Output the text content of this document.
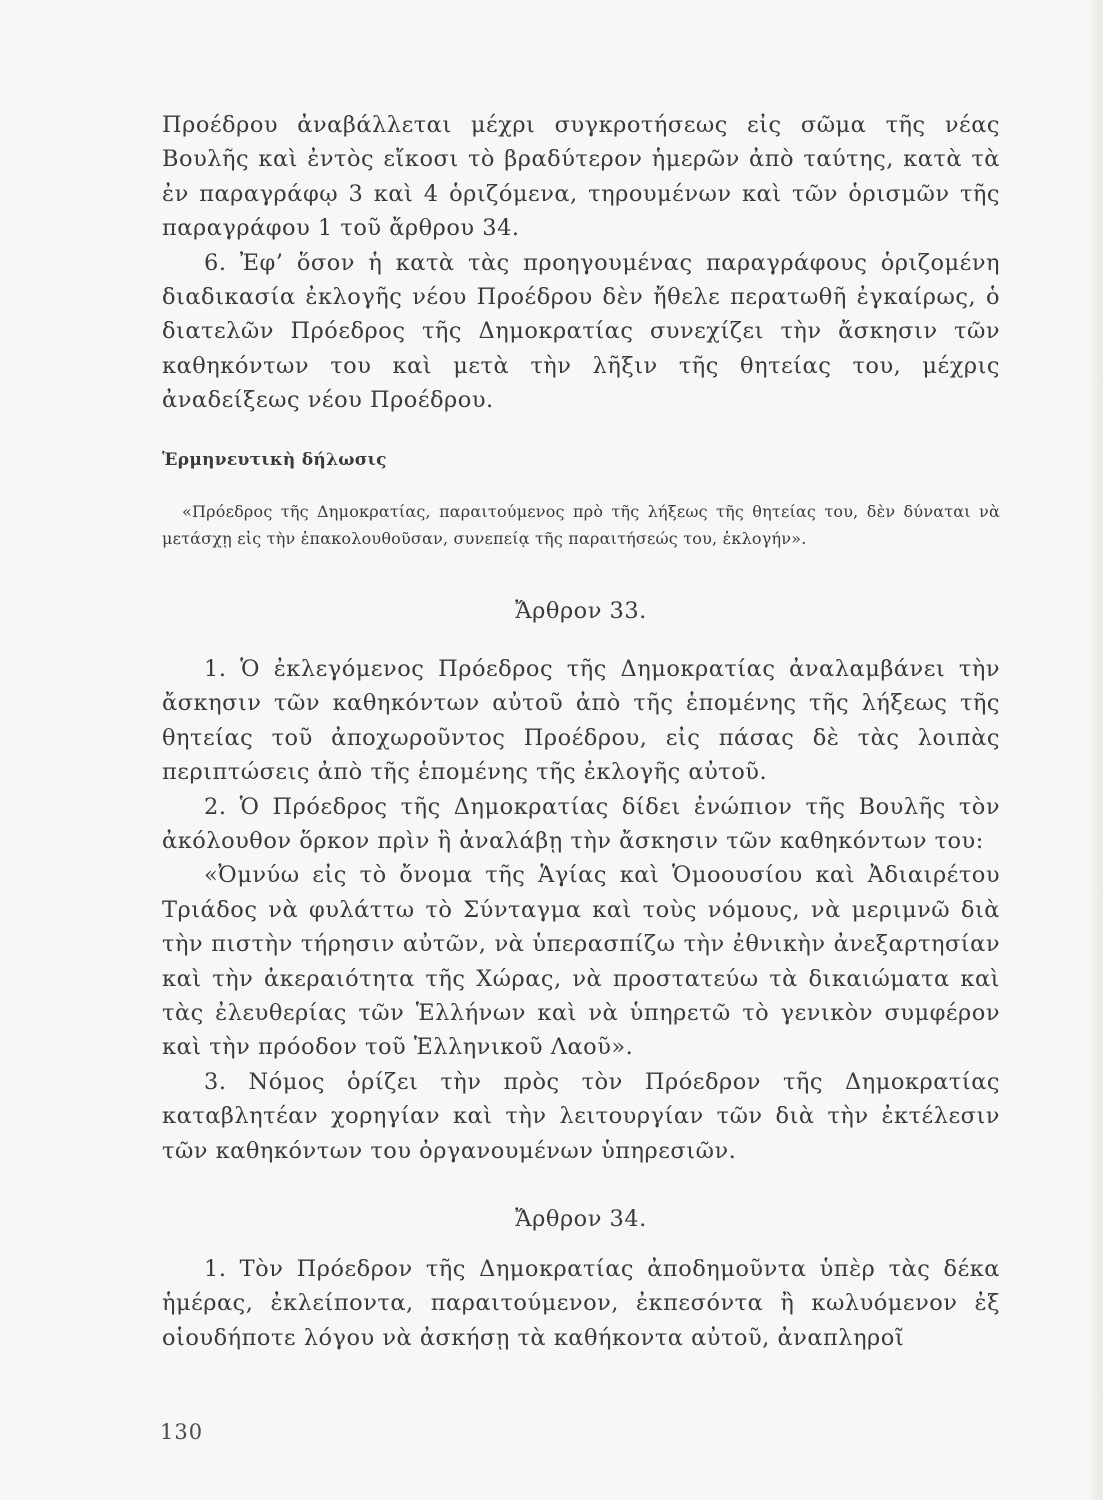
Προέδρου ἀναβάλλεται μέχρι συγκροτήσεως εἰς σῶμα τῆς νέας Βουλῆς καὶ ἐντὸς εἴκοσι τὸ βραδύτερον ἡμερῶν ἀπὸ ταύτης, κατὰ τὰ ἐν παραγράφῳ 3 καὶ 4 ὁριζόμενα, τηρουμένων καὶ τῶν ὁρισμῶν τῆς παραγράφου 1 τοῦ ἄρθρου 34.

6. Ἐφ’ ὅσον ἡ κατὰ τὰς προηγουμένας παραγράφους ὁριζομένη διαδικασία ἐκλογῆς νέου Προέδρου δὲν ἤθελε περατωθῆ ἐγκαίρως, ὁ διατελῶν Πρόεδρος τῆς Δημοκρατίας συνεχίζει τὴν ἄσκησιν τῶν καθηκόντων του καὶ μετὰ τὴν λῆξιν τῆς θητείας του, μέχρις ἀναδείξεως νέου Προέδρου.

Ἑρμηνευτικὴ δήλωσις

«Πρόεδρος τῆς Δημοκρατίας, παραιτούμενος πρὸ τῆς λήξεως τῆς θητείας του, δὲν δύναται νὰ μετάσχῃ εἰς τὴν ἐπακολουθοῦσαν, συνεπείᾳ τῆς παραιτήσεώς του, ἐκλογήν».

Ἄρθρον 33.

1. Ὁ ἐκλεγόμενος Πρόεδρος τῆς Δημοκρατίας ἀναλαμβάνει τὴν ἄσκησιν τῶν καθηκόντων αὐτοῦ ἀπὸ τῆς ἑπομένης τῆς λήξεως τῆς θητείας τοῦ ἀποχωροῦντος Προέδρου, εἰς πάσας δὲ τὰς λοιπὰς περιπτώσεις ἀπὸ τῆς ἑπομένης τῆς ἐκλογῆς αὐτοῦ.

2. Ὁ Πρόεδρος τῆς Δημοκρατίας δίδει ἐνώπιον τῆς Βουλῆς τὸν ἀκόλουθον ὅρκον πρὶν ἢ ἀναλάβῃ τὴν ἄσκησιν τῶν καθηκόντων του:

«Ὀμνύω εἰς τὸ ὄνομα τῆς Ἁγίας καὶ Ὁμοουσίου καὶ Ἀδιαιρέτου Τριάδος νὰ φυλάττω τὸ Σύνταγμα καὶ τοὺς νόμους, νὰ μεριμνῶ διὰ τὴν πιστὴν τήρησιν αὐτῶν, νὰ ὑπερασπίζω τὴν ἐθνικὴν ἀνεξαρτησίαν καὶ τὴν ἀκεραιότητα τῆς Χώρας, νὰ προστατεύω τὰ δικαιώματα καὶ τὰς ἐλευθερίας τῶν Ἑλλήνων καὶ νὰ ὑπηρετῶ τὸ γενικὸν συμφέρον καὶ τὴν πρόοδον τοῦ Ἑλληνικοῦ Λαοῦ».

3. Νόμος ὁρίζει τὴν πρὸς τὸν Πρόεδρον τῆς Δημοκρατίας καταβλητέαν χορηγίαν καὶ τὴν λειτουργίαν τῶν διὰ τὴν ἐκτέλεσιν τῶν καθηκόντων του ὀργανουμένων ὑπηρεσιῶν.

Ἄρθρον 34.

1. Τὸν Πρόεδρον τῆς Δημοκρατίας ἀποδημοῦντα ὑπὲρ τὰς δέκα ἡμέρας, ἐκλείποντα, παραιτούμενον, ἐκπεσόντα ἢ κωλυόμενον ἐξ οἱουδήποτε λόγου νὰ ἀσκήσῃ τὰ καθήκοντα αὐτοῦ, ἀναπληροῖ

130
